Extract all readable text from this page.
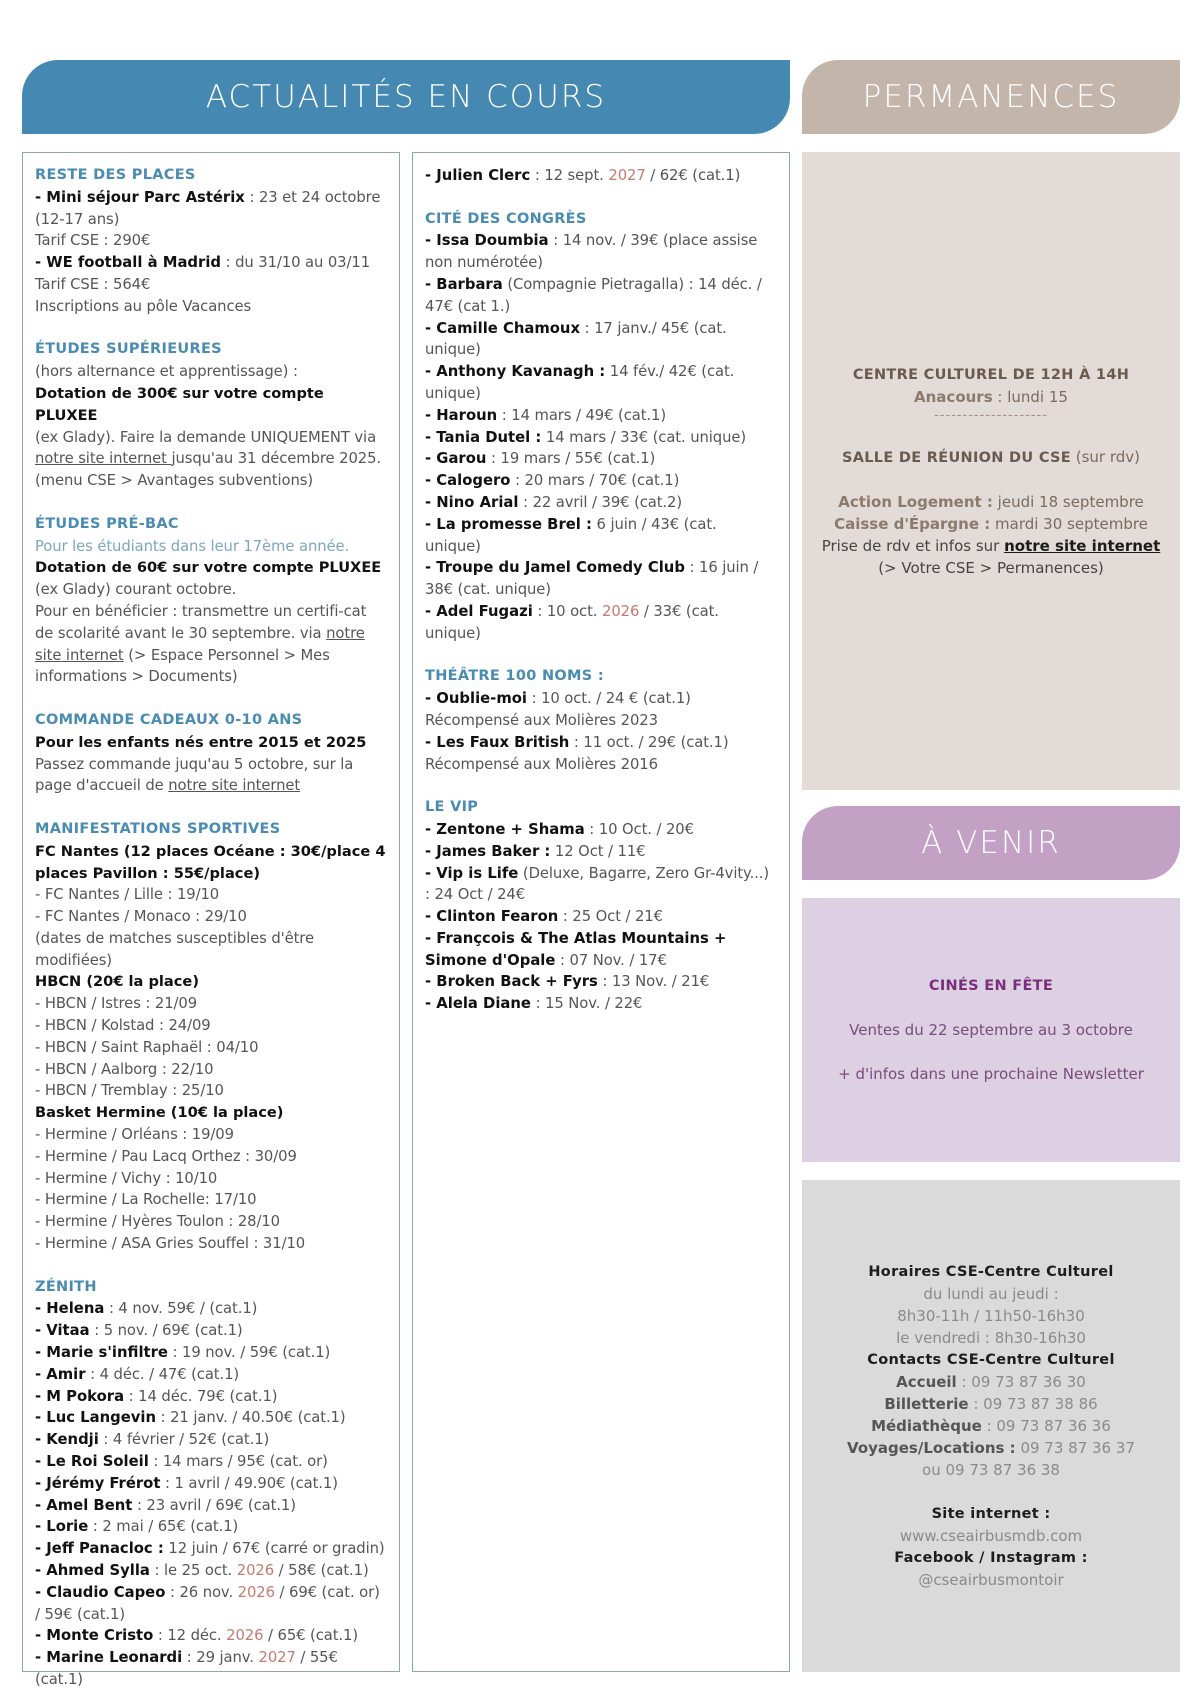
ACTUALITÉS EN COURS	PERMANENCES
À VENIR
RESTE DES PLACES
- Mini séjour Parc Astérix : 23 et 24 octobre (12-17 ans)
Tarif CSE : 290€
- WE football à Madrid : du 31/10 au 03/11
Tarif CSE : 564€
Inscriptions au pôle Vacances
ÉTUDES SUPÉRIEURES
(hors alternance et apprentissage) :
Dotation de 300€ sur votre compte PLUXEE
(ex Glady). Faire la demande UNIQUEMENT via notre site internet jusqu'au 31 décembre 2025. (menu CSE > Avantages subventions)
ÉTUDES PRÉ-BAC
Pour les étudiants dans leur 17ème année.
Dotation de 60€ sur votre compte PLUXEE
(ex Glady) courant octobre.
Pour en bénéficier : transmettre un certifi-cat de scolarité avant le 30 septembre. via notre site internet (> Espace Personnel > Mes informations > Documents)
COMMANDE CADEAUX 0-10 ANS
Pour les enfants nés entre 2015 et 2025
Passez commande juqu'au 5 octobre, sur la page d'accueil de notre site internet
MANIFESTATIONS SPORTIVES
FC Nantes (12 places Océane : 30€/place 4 places Pavillon : 55€/place)
- FC Nantes / Lille : 19/10
- FC Nantes / Monaco : 29/10
(dates de matches susceptibles d'être modifiées)
HBCN (20€ la place)
- HBCN / Istres : 21/09
- HBCN / Kolstad : 24/09
- HBCN / Saint Raphaël : 04/10
- HBCN / Aalborg : 22/10
- HBCN / Tremblay : 25/10
Basket Hermine (10€ la place)
- Hermine / Orléans : 19/09
- Hermine / Pau Lacq Orthez : 30/09
- Hermine / Vichy : 10/10
- Hermine / La Rochelle: 17/10
- Hermine / Hyères Toulon : 28/10
- Hermine / ASA Gries Souffel : 31/10
ZÉNITH
- Helena : 4 nov. 59€ / (cat.1)
- Vitaa : 5 nov. / 69€ (cat.1)
- Marie s'infiltre : 19 nov. / 59€ (cat.1)
- Amir : 4 déc. / 47€ (cat.1)
- M Pokora : 14 déc. 79€ (cat.1)
- Luc Langevin : 21 janv. / 40.50€ (cat.1)
- Kendji : 4 février / 52€ (cat.1)
- Le Roi Soleil : 14 mars / 95€ (cat. or)
- Jérémy Frérot : 1 avril / 49.90€ (cat.1)
- Amel Bent : 23 avril / 69€ (cat.1)
- Lorie : 2 mai / 65€ (cat.1)
- Jeff Panacloc : 12 juin / 67€ (carré or gradin)
- Ahmed Sylla : le 25 oct. 2026 / 58€ (cat.1)
- Claudio Capeo : 26 nov. 2026 / 69€ (cat. or) / 59€ (cat.1)
- Monte Cristo : 12 déc. 2026 / 65€ (cat.1)
- Marine Leonardi : 29 janv. 2027 / 55€ (cat.1)
- Julien Clerc : 12 sept. 2027 / 62€ (cat.1)
CITÉ DES CONGRÈS
- Issa Doumbia : 14 nov. / 39€ (place assise non numérotée)
- Barbara (Compagnie Pietragalla) : 14 déc. / 47€ (cat 1.)
- Camille Chamoux : 17 janv./ 45€ (cat. unique)
- Anthony Kavanagh : 14 fév./ 42€ (cat. unique)
- Haroun : 14 mars / 49€ (cat.1)
- Tania Dutel : 14 mars / 33€ (cat. unique)
- Garou : 19 mars / 55€ (cat.1)
- Calogero : 20 mars / 70€ (cat.1)
- Nino Arial : 22 avril / 39€ (cat.2)
- La promesse Brel : 6 juin / 43€ (cat. unique)
- Troupe du Jamel Comedy Club : 16 juin / 38€ (cat. unique)
- Adel Fugazi : 10 oct. 2026 / 33€ (cat. unique)
THÉÂTRE 100 NOMS :
- Oublie-moi : 10 oct. / 24 € (cat.1)
Récompensé aux Molières 2023
- Les Faux British : 11 oct. / 29€ (cat.1)
Récompensé aux Molières 2016
LE VIP
- Zentone + Shama : 10 Oct. / 20€
- James Baker : 12 Oct / 11€
- Vip is Life (Deluxe, Bagarre, Zero Gr-4vity...) : 24 Oct / 24€
- Clinton Fearon : 25 Oct / 21€
- Françcois & The Atlas Mountains + Simone d'Opale : 07 Nov. / 17€
- Broken Back + Fyrs : 13 Nov. / 21€
- Alela Diane : 15 Nov. / 22€
CENTRE CULTUREL DE 12H À 14H
Anacours : lundi 15
--------------------
SALLE DE RÉUNION DU CSE (sur rdv)
Action Logement : jeudi 18 septembre
Caisse d'Épargne : mardi 30 septembre
Prise de rdv et infos sur notre site internet
(> Votre CSE > Permanences)
CINÉS EN FÊTE
Ventes du 22 septembre au 3 octobre
+ d'infos dans une prochaine Newsletter
Horaires CSE-Centre Culturel
du lundi au jeudi :
8h30-11h / 11h50-16h30
le vendredi : 8h30-16h30
Contacts CSE-Centre Culturel
Accueil : 09 73 87 36 30
Billetterie : 09 73 87 38 86
Médiathèque : 09 73 87 36 36
Voyages/Locations : 09 73 87 36 37
ou 09 73 87 36 38
Site internet :
www.cseairbusmdb.com
Facebook / Instagram :
@cseairbusmontoir
